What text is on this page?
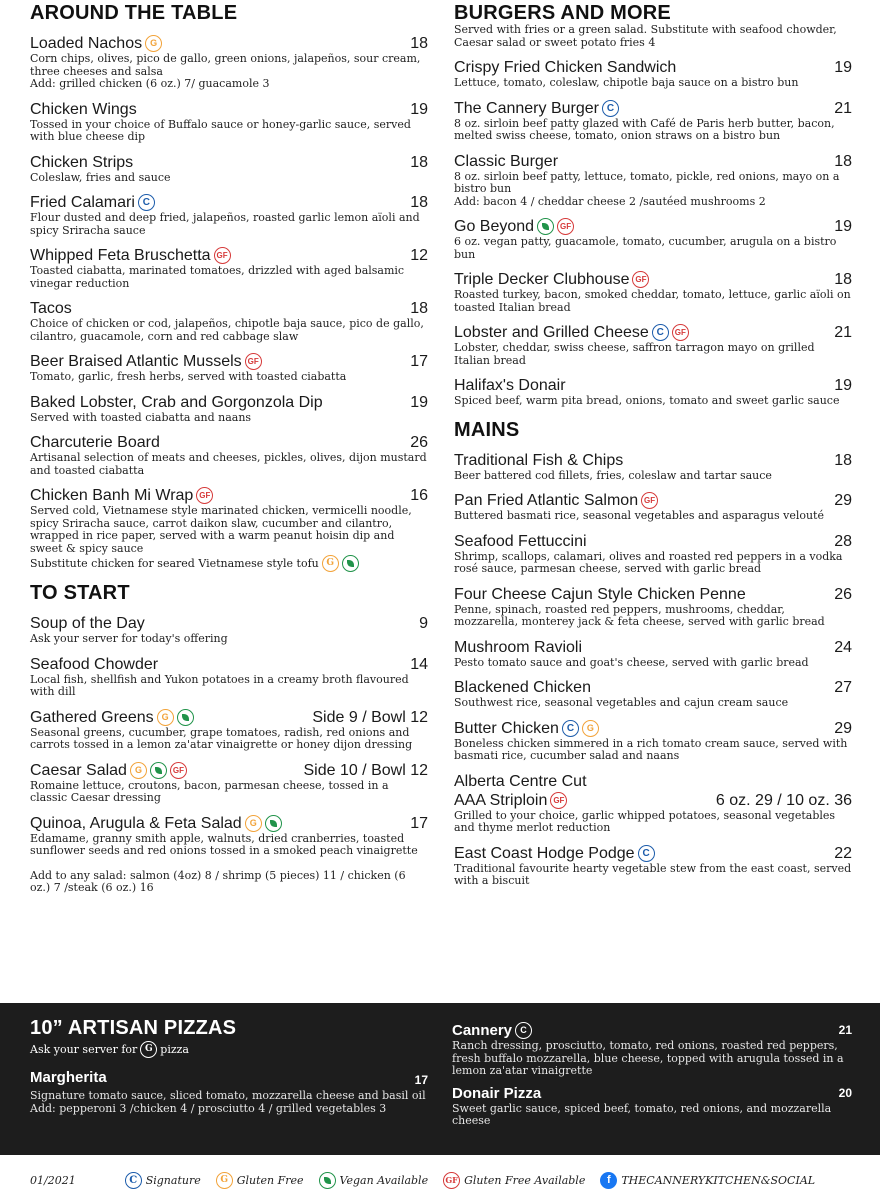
AROUND THE TABLE
Loaded Nachos G	18
Corn chips, olives, pico de gallo, green onions, jalapeños, sour cream, three cheeses and salsa
Add: grilled chicken (6 oz.) 7/ guacamole 3
Chicken Wings	19
Tossed in your choice of Buffalo sauce or honey-garlic sauce, served with blue cheese dip
Chicken Strips	18
Coleslaw, fries and sauce
Fried Calamari C	18
Flour dusted and deep fried, jalapeños, roasted garlic lemon aïoli and spicy Sriracha sauce
Whipped Feta Bruschetta GF	12
Toasted ciabatta, marinated tomatoes, drizzled with aged balsamic vinegar reduction
Tacos	18
Choice of chicken or cod, jalapeños, chipotle baja sauce, pico de gallo, cilantro, guacamole, corn and red cabbage slaw
Beer Braised Atlantic Mussels GF	17
Tomato, garlic, fresh herbs, served with toasted ciabatta
Baked Lobster, Crab and Gorgonzola Dip	19
Served with toasted ciabatta and naans
Charcuterie Board	26
Artisanal selection of meats and cheeses, pickles, olives, dijon mustard and toasted ciabatta
Chicken Banh Mi Wrap GF	16
Served cold, Vietnamese style marinated chicken, vermicelli noodle, spicy Sriracha sauce, carrot daikon slaw, cucumber and cilantro, wrapped in rice paper, served with a warm peanut hoisin dip and sweet & spicy sauce
Substitute chicken for seared Vietnamese style tofu G
TO START
Soup of the Day	9
Ask your server for today's offering
Seafood Chowder	14
Local fish, shellfish and Yukon potatoes in a creamy broth flavoured with dill
Gathered Greens G	Side 9 / Bowl 12
Seasonal greens, cucumber, grape tomatoes, radish, red onions and carrots tossed in a lemon za'atar vinaigrette or honey dijon dressing
Caesar Salad G	GF	Side 10 / Bowl 12
Romaine lettuce, croutons, bacon, parmesan cheese, tossed in a classic Caesar dressing
Quinoa, Arugula & Feta Salad G	17
Edamame, granny smith apple, walnuts, dried cranberries, toasted sunflower seeds and red onions tossed in a smoked peach vinaigrette
Add to any salad: salmon (4oz) 8 / shrimp (5 pieces) 11 / chicken (6 oz.) 7 /steak (6 oz.) 16
BURGERS AND MORE
Served with fries or a green salad. Substitute with seafood chowder, Caesar salad or sweet potato fries 4
Crispy Fried Chicken Sandwich	19
Lettuce, tomato, coleslaw, chipotle baja sauce on a bistro bun
The Cannery Burger C	21
8 oz. sirloin beef patty glazed with Café de Paris herb butter, bacon, melted swiss cheese, tomato, onion straws on a bistro bun
Classic Burger	18
8 oz. sirloin beef patty, lettuce, tomato, pickle, red onions, mayo on a bistro bun
Add: bacon 4 / cheddar cheese 2 /sautéed mushrooms 2
Go Beyond	GF	19
6 oz. vegan patty, guacamole, tomato, cucumber, arugula on a bistro bun
Triple Decker Clubhouse GF	18
Roasted turkey, bacon, smoked cheddar, tomato, lettuce, garlic aïoli on toasted Italian bread
Lobster and Grilled Cheese C	GF	21
Lobster, cheddar, swiss cheese, saffron tarragon mayo on grilled Italian bread
Halifax's Donair	19
Spiced beef, warm pita bread, onions, tomato and sweet garlic sauce
MAINS
Traditional Fish & Chips	18
Beer battered cod fillets, fries, coleslaw and tartar sauce
Pan Fried Atlantic Salmon GF	29
Buttered basmati rice, seasonal vegetables and asparagus velouté
Seafood Fettuccini	28
Shrimp, scallops, calamari, olives and roasted red peppers in a vodka rosé sauce, parmesan cheese, served with garlic bread
Four Cheese Cajun Style Chicken Penne	26
Penne, spinach, roasted red peppers, mushrooms, cheddar, mozzarella, monterey jack & feta cheese, served with garlic bread
Mushroom Ravioli	24
Pesto tomato sauce and goat's cheese, served with garlic bread
Blackened Chicken	27
Southwest rice, seasonal vegetables and cajun cream sauce
Butter Chicken C	G	29
Boneless chicken simmered in a rich tomato cream sauce, served with basmati rice, cucumber salad and naans
Alberta Centre Cut
AAA Striploin GF	6 oz. 29 / 10 oz. 36
Grilled to your choice, garlic whipped potatoes, seasonal vegetables and thyme merlot reduction
East Coast Hodge Podge C	22
Traditional favourite hearty vegetable stew from the east coast, served with a biscuit
10” ARTISAN PIZZAS
Ask your server for G pizza
Margherita	17
Signature tomato sauce, sliced tomato, mozzarella cheese and basil oil
Add: pepperoni 3 /chicken 4 / prosciutto 4 / grilled vegetables 3
Cannery C	21
Ranch dressing, prosciutto, tomato, red onions, roasted red peppers, fresh buffalo mozzarella, blue cheese, topped with arugula tossed in a lemon za'atar vinaigrette
Donair Pizza	20
Sweet garlic sauce, spiced beef, tomato, red onions, and mozzarella cheese
01/2021	C Signature	G Gluten Free	Vegan Available GF Gluten Free Available	f THECANNERYKITCHEN&SOCIAL
